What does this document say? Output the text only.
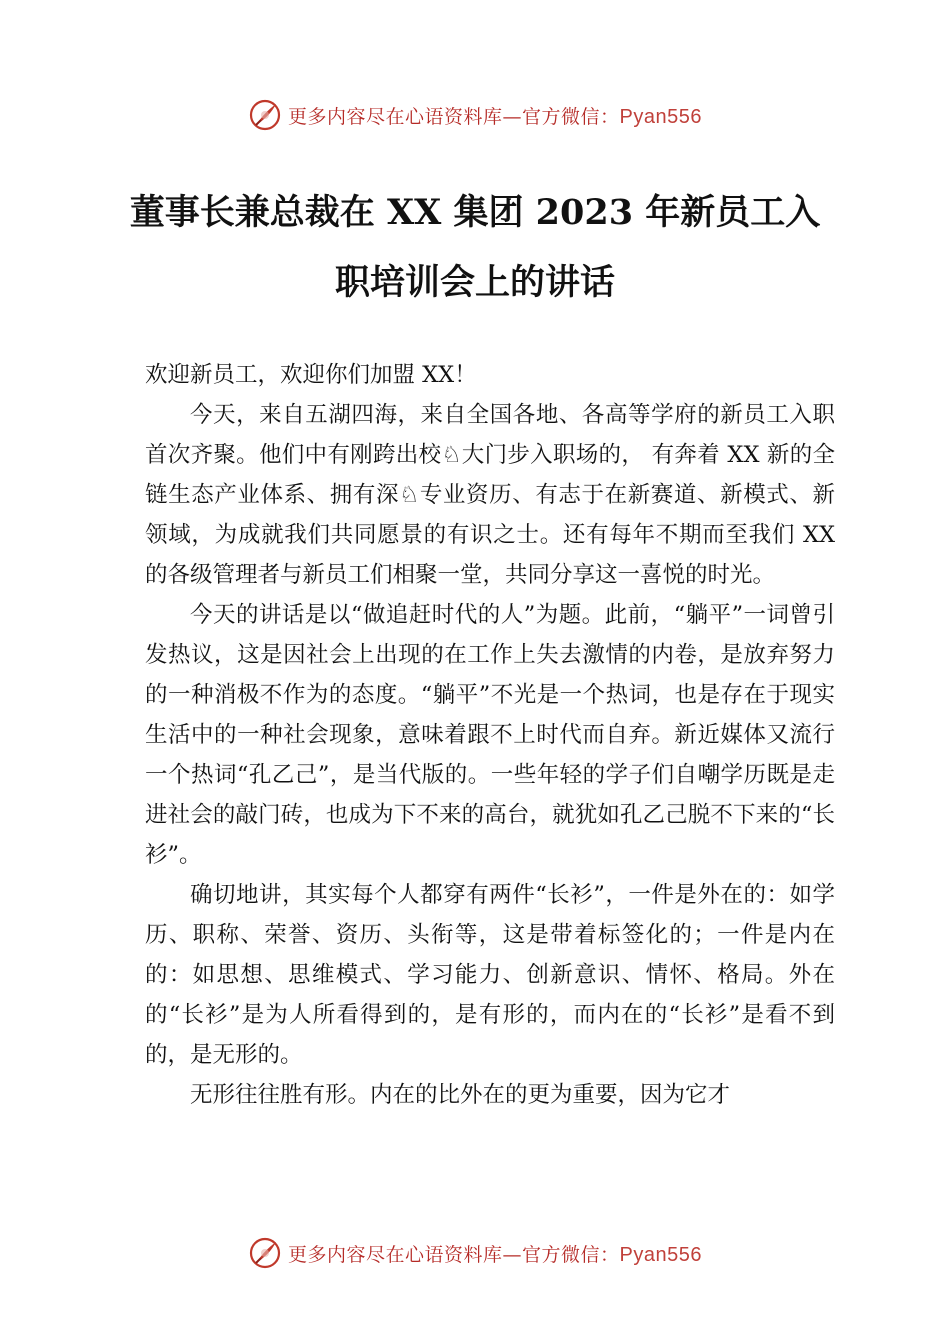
更多内容尽在心语资料库—官方微信：Pyan556
董事长兼总裁在 XX 集团 2023 年新员工入
职培训会上的讲话

欢迎新员工，欢迎你们加盟 XX！

今天，来自五湖四海，来自全国各地、各高等学府的新员工入职首次齐聚。他们中有刚跨出校♘大门步入职场的， 有奔着 XX 新的全链生态产业体系、拥有深♘专业资历、有志于在新赛道、新模式、新领域，为成就我们共同愿景的有识之士。还有每年不期而至我们 XX 的各级管理者与新员工们相聚一堂，共同分享这一喜悦的时光。

今天的讲话是以“做追赶时代的人”为题。此前，“躺平”一词曾引发热议，这是因社会上出现的在工作上失去激情的内卷，是放弃努力的一种消极不作为的态度。“躺平”不光是一个热词，也是存在于现实生活中的一种社会现象，意味着跟不上时代而自弃。新近媒体又流行一个热词“孔乙己”，是当代版的。一些年轻的学子们自嘲学历既是走进社会的敲门砖，也成为下不来的高台，就犹如孔乙己脱不下来的“长衫”。

确切地讲，其实每个人都穿有两件“长衫”，一件是外在的：如学历、职称、荣誉、资历、头衔等，这是带着标签化的；一件是内在的：如思想、思维模式、学习能力、创新意识、情怀、格局。外在的“长衫”是为人所看得到的，是有形的，而内在的“长衫”是看不到的，是无形的。

无形往往胜有形。内在的比外在的更为重要，因为它才

更多内容尽在心语资料库—官方微信：Pyan556
